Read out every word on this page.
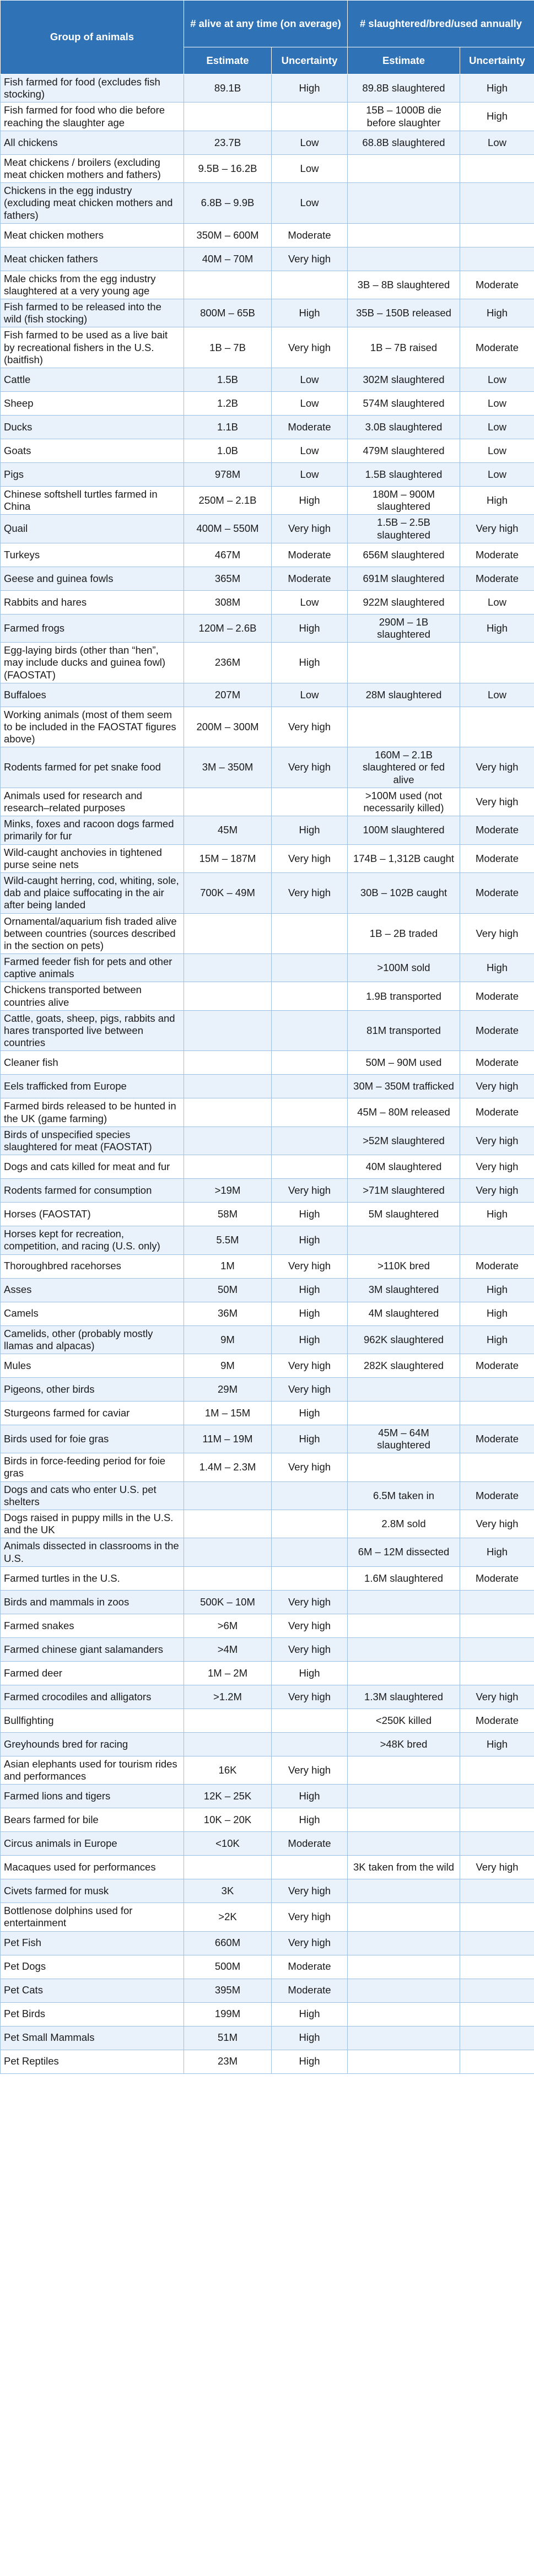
Group of animals	# alive at any time (on average)		# slaughtered/bred/used annually	
	Estimate	Uncertainty	Estimate	Uncertainty
Fish farmed for food (excludes fish stocking)	89.1B	High	89.8B slaughtered	High
Fish farmed for food who die before reaching the slaughter age			15B – 1000B die before slaughter	High
All chickens	23.7B	Low	68.8B slaughtered	Low
Meat chickens / broilers (excluding meat chicken mothers and fathers)	9.5B – 16.2B	Low		
Chickens in the egg industry (excluding meat chicken mothers and fathers)	6.8B – 9.9B	Low		
Meat chicken mothers	350M – 600M	Moderate		
Meat chicken fathers	40M – 70M	Very high		
Male chicks from the egg industry slaughtered at a very young age			3B – 8B slaughtered	Moderate
Fish farmed to be released into the wild (fish stocking)	800M – 65B	High	35B – 150B released	High
Fish farmed to be used as a live bait by recreational fishers in the U.S. (baitfish)	1B – 7B	Very high	1B – 7B raised	Moderate
Cattle	1.5B	Low	302M slaughtered	Low
Sheep	1.2B	Low	574M slaughtered	Low
Ducks	1.1B	Moderate	3.0B slaughtered	Low
Goats	1.0B	Low	479M slaughtered	Low
Pigs	978M	Low	1.5B slaughtered	Low
Chinese softshell turtles farmed in China	250M – 2.1B	High	180M – 900M slaughtered	High
Quail	400M – 550M	Very high	1.5B – 2.5B slaughtered	Very high
Turkeys	467M	Moderate	656M slaughtered	Moderate
Geese and guinea fowls	365M	Moderate	691M slaughtered	Moderate
Rabbits and hares	308M	Low	922M slaughtered	Low
Farmed frogs	120M – 2.6B	High	290M – 1B slaughtered	High
Egg-laying birds (other than “hen”, may include ducks and guinea fowl) (FAOSTAT)	236M	High		
Buffaloes	207M	Low	28M slaughtered	Low
Working animals (most of them seem to be included in the FAOSTAT figures above)	200M – 300M	Very high		
Rodents farmed for pet snake food	3M – 350M	Very high	160M – 2.1B slaughtered or fed alive	Very high
Animals used for research and research–related purposes			>100M used (not necessarily killed)	Very high
Minks, foxes and racoon dogs farmed primarily for fur	45M	High	100M slaughtered	Moderate
Wild-caught anchovies in tightened purse seine nets	15M – 187M	Very high	174B – 1,312B caught	Moderate
Wild-caught herring, cod, whiting, sole, dab and plaice suffocating in the air after being landed	700K – 49M	Very high	30B – 102B caught	Moderate
Ornamental/aquarium fish traded alive between countries (sources described in the section on pets)			1B – 2B traded	Very high
Farmed feeder fish for pets and other captive animals			>100M sold	High
Chickens transported between countries alive			1.9B transported	Moderate
Cattle, goats, sheep, pigs, rabbits and hares transported live between countries			81M transported	Moderate
Cleaner fish			50M – 90M used	Moderate
Eels trafficked from Europe			30M – 350M trafficked	Very high
Farmed birds released to be hunted in the UK (game farming)			45M – 80M released	Moderate
Birds of unspecified species slaughtered for meat (FAOSTAT)			>52M slaughtered	Very high
Dogs and cats killed for meat and fur			40M slaughtered	Very high
Rodents farmed for consumption	>19M	Very high	>71M slaughtered	Very high
Horses (FAOSTAT)	58M	High	5M slaughtered	High
Horses kept for recreation, competition, and racing (U.S. only)	5.5M	High		
Thoroughbred racehorses	1M	Very high	>110K bred	Moderate
Asses	50M	High	3M slaughtered	High
Camels	36M	High	4M slaughtered	High
Camelids, other (probably mostly llamas and alpacas)	9M	High	962K slaughtered	High
Mules	9M	Very high	282K slaughtered	Moderate
Pigeons, other birds	29M	Very high		
Sturgeons farmed for caviar	1M – 15M	High		
Birds used for foie gras	11M – 19M	High	45M – 64M slaughtered	Moderate
Birds in force-feeding period for foie gras	1.4M – 2.3M	Very high		
Dogs and cats who enter U.S. pet shelters			6.5M taken in	Moderate
Dogs raised in puppy mills in the U.S. and the UK			2.8M sold	Very high
Animals dissected in classrooms in the U.S.			6M – 12M dissected	High
Farmed turtles in the U.S.			1.6M slaughtered	Moderate
Birds and mammals in zoos	500K – 10M	Very high		
Farmed snakes	>6M	Very high		
Farmed chinese giant salamanders	>4M	Very high		
Farmed deer	1M – 2M	High		
Farmed crocodiles and alligators	>1.2M	Very high	1.3M slaughtered	Very high
Bullfighting			<250K killed	Moderate
Greyhounds bred for racing			>48K bred	High
Asian elephants used for tourism rides and performances	16K	Very high		
Farmed lions and tigers	12K – 25K	High		
Bears farmed for bile	10K – 20K	High		
Circus animals in Europe	<10K	Moderate		
Macaques used for performances			3K taken from the wild	Very high
Civets farmed for musk	3K	Very high		
Bottlenose dolphins used for entertainment	>2K	Very high		
Pet Fish	660M	Very high		
Pet Dogs	500M	Moderate		
Pet Cats	395M	Moderate		
Pet Birds	199M	High		
Pet Small Mammals	51M	High		
Pet Reptiles	23M	High		
